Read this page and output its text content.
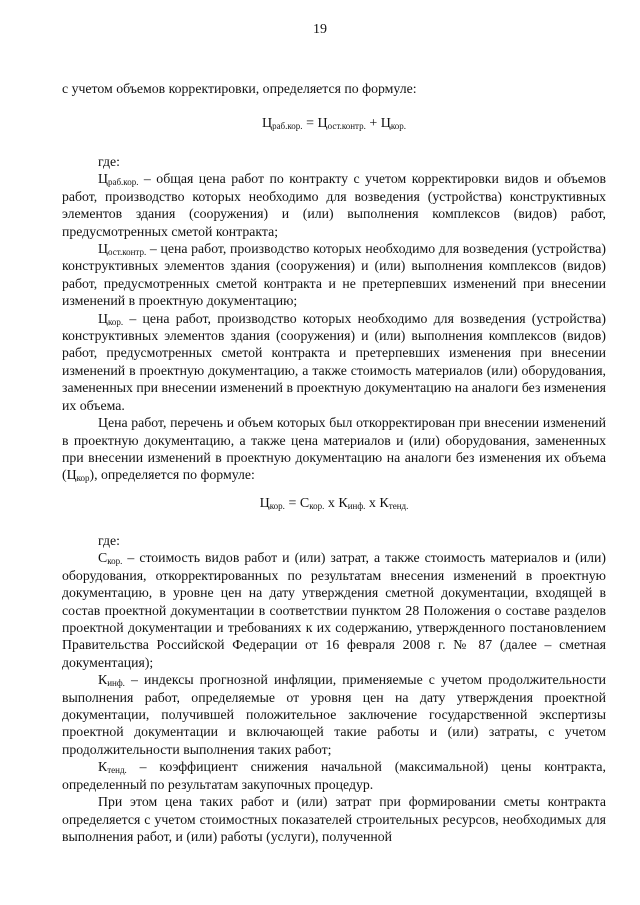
19

с учетом объемов корректировки, определяется по формуле:

$Ц_{раб.кор.} = Ц_{ост.контр.} + Ц_{кор.}$

где:

$Ц_{раб.кор.}$ – общая цена работ по контракту с учетом корректировки видов и объемов работ, производство которых необходимо для возведения (устройства) конструктивных элементов здания (сооружения) и (или) выполнения комплексов (видов) работ, предусмотренных сметой контракта;

$Ц_{ост.контр.}$ – цена работ, производство которых необходимо для возведения (устройства) конструктивных элементов здания (сооружения) и (или) выполнения комплексов (видов) работ, предусмотренных сметой контракта и не претерпевших изменений при внесении изменений в проектную документацию;

$Ц_{кор.}$ – цена работ, производство которых необходимо для возведения (устройства) конструктивных элементов здания (сооружения) и (или) выполнения комплексов (видов) работ, предусмотренных сметой контракта и претерпевших изменения при внесении изменений в проектную документацию, а также стоимость материалов (или) оборудования, замененных при внесении изменений в проектную документацию на аналоги без изменения их объема.

Цена работ, перечень и объем которых был откорректирован при внесении изменений в проектную документацию, а также цена материалов и (или) оборудования, замененных при внесении изменений в проектную документацию на аналоги без изменения их объема $(Ц_{кор})$, определяется по формуле:

$Ц_{кор.} = С_{кор.}$ х $К_{инф.}$ х $К_{тенд.}$

где:

$С_{кор.}$ – стоимость видов работ и (или) затрат, а также стоимость материалов и (или) оборудования, откорректированных по результатам внесения изменений в проектную документацию, в уровне цен на дату утверждения сметной документации, входящей в состав проектной документации в соответствии пунктом 28 Положения о составе разделов проектной документации и требованиях к их содержанию, утвержденного постановлением Правительства Российской Федерации от 16 февраля 2008 г. № 87 (далее – сметная документация);

$К_{инф.}$ – индексы прогнозной инфляции, применяемые с учетом продолжительности выполнения работ, определяемые от уровня цен на дату утверждения проектной документации, получившей положительное заключение государственной экспертизы проектной документации и включающей такие работы и (или) затраты, с учетом продолжительности выполнения таких работ;

$К_{тенд.}$ – коэффициент снижения начальной (максимальной) цены контракта, определенный по результатам закупочных процедур.

При этом цена таких работ и (или) затрат при формировании сметы контракта определяется с учетом стоимостных показателей строительных ресурсов, необходимых для выполнения работ, и (или) работы (услуги), полученной
